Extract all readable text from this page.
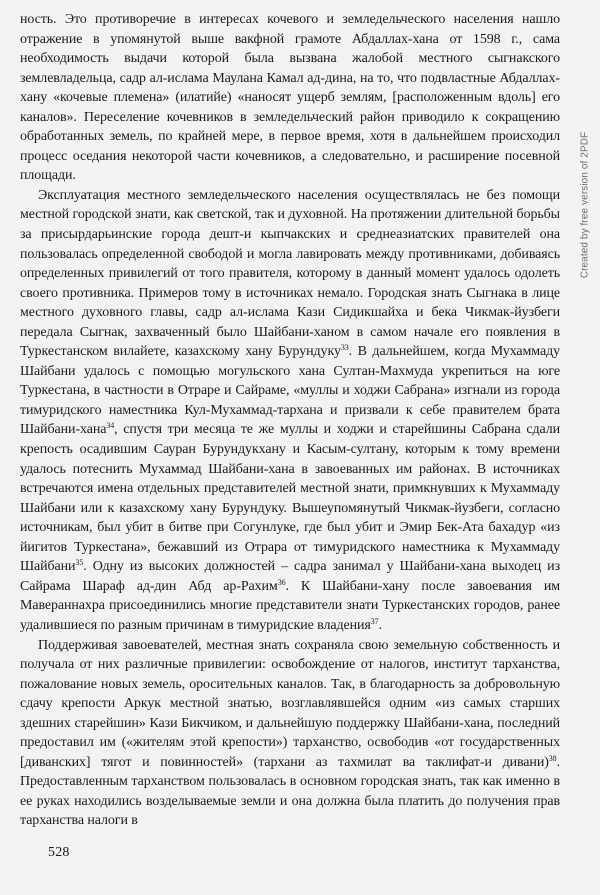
ность. Это противоречие в интересах кочевого и земледельческого населения нашло отражение в упомянутой выше вакфной грамоте Абдаллах-хана от 1598 г., сама необходимость выдачи которой была вызвана жалобой местного сыгнакского землевладельца, садр ал-ислама Маулана Камал ад-дина, на то, что подвластные Абдаллах-хану «кочевые племена» (илатийе) «наносят ущерб землям, [расположенным вдоль] его каналов». Переселение кочевников в земледельческий район приводило к сокращению обработанных земель, по крайней мере, в первое время, хотя в дальнейшем происходил процесс оседания некоторой части кочевников, а следовательно, и расширение посевной площади.

Эксплуатация местного земледельческого населения осуществлялась не без помощи местной городской знати, как светской, так и духовной. На протяжении длительной борьбы за присырдарьинские города дешт-и кыпчакских и среднеазиатских правителей она пользовалась определенной свободой и могла лавировать между противниками, добиваясь определенных привилегий от того правителя, которому в данный момент удалось одолеть своего противника. Примеров тому в источниках немало. Городская знать Сыгнака в лице местного духовного главы, садр ал-ислама Кази Сидикшайха и бека Чикмак-йузбеги передала Сыгнак, захваченный было Шайбани-ханом в самом начале его появления в Туркестанском вилайете, казахскому хану Бурундуку$^{33}$. В дальнейшем, когда Мухаммаду Шайбани удалось с помощью могульского хана Султан-Махмуда укрепиться на юге Туркестана, в частности в Отраре и Сайраме, «муллы и ходжи Сабрана» изгнали из города тимуридского наместника Кул-Мухаммад-тархана и призвали к себе правителем брата Шайбани-хана$^{34}$, спустя три месяца те же муллы и ходжи и старейшины Сабрана сдали крепость осадившим Сауран Бурундукхану и Касым-султану, которым к тому времени удалось потеснить Мухаммад Шайбани-хана в завоеванных им районах. В источниках встречаются имена отдельных представителей местной знати, примкнувших к Мухаммаду Шайбани или к казахскому хану Бурундуку. Вышеупомянутый Чикмак-йузбеги, согласно источникам, был убит в битве при Согунлуке, где был убит и Эмир Бек-Ата бахадур «из йигитов Туркестана», бежавший из Отрара от тимуридского наместника к Мухаммаду Шайбани$^{35}$. Одну из высоких должностей – садра занимал у Шайбани-хана выходец из Сайрама Шараф ад-дин Абд ар-Рахим$^{36}$. К Шайбани-хану после завоевания им Мавераннахра присоединились многие представители знати Туркестанских городов, ранее удалившиеся по разным причинам в тимуридские владения$^{37}$.

Поддерживая завоевателей, местная знать сохраняла свою земельную собственность и получала от них различные привилегии: освобождение от налогов, институт тарханства, пожалование новых земель, оросительных каналов. Так, в благодарность за добровольную сдачу крепости Аркук местной знатью, возглавлявшейся одним «из самых старших здешних старейшин» Кази Бикчиком, и дальнейшую поддержку Шайбани-хана, последний предоставил им («жителям этой крепости») тарханство, освободив «от государственных [диванских] тягот и повинностей» (тархани аз тахмилат ва таклифат-и дивани)$^{38}$. Предоставленным тарханством пользовалась в основном городская знать, так как именно в ее руках находились возделываемые земли и она должна была платить до получения прав тарханства налоги в

528
Created by free version of 2PDF
